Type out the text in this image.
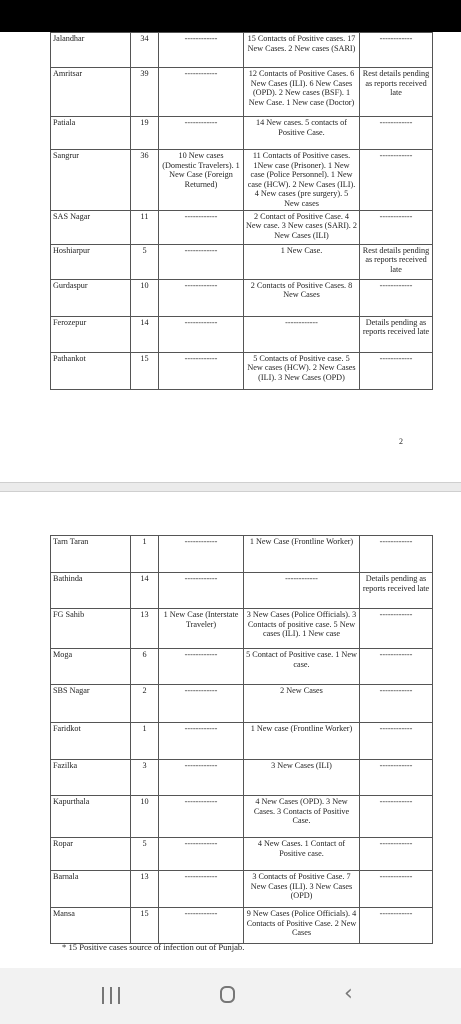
Jalandhar	34	------------	15 Contacts of Positive cases. 17 New Cases. 2 New cases (SARI)	------------
Amritsar	39	------------	12 Contacts of Positive Cases. 6 New Cases (ILI). 6 New Cases (OPD). 2 New cases (BSF). 1 New Case. 1 New case (Doctor)	Rest details pending as reports received late
Patiala	19	------------	14 New cases. 5 contacts of Positive Case.	------------
Sangrur	36	10 New cases (Domestic Travelers). 1 New Case (Foreign Returned)	11 Contacts of Positive cases. 1New case (Prisoner). 1 New case (Police Personnel). 1 New case (HCW). 2 New Cases (ILI). 4 New cases (pre surgery). 5 New cases	------------
SAS Nagar	11	------------	2 Contact of Positive Case. 4 New case. 3 New cases (SARI). 2 New Cases (ILI)	------------
Hoshiarpur	5	------------	1 New Case.	Rest details pending as reports received late
Gurdaspur	10	------------	2 Contacts of Positive Cases. 8 New Cases	------------
Ferozepur	14	------------	------------	Details pending as reports received late
Pathankot	15	------------	5 Contacts of Positive case. 5 New cases (HCW). 2 New Cases (ILI). 3 New Cases (OPD)	------------
2
Tarn Taran	1	------------	1 New Case (Frontline Worker)	------------
Bathinda	14	------------	------------	Details pending as reports received late
FG Sahib	13	1 New Case (Interstate Traveler)	3 New Cases (Police Officials). 3 Contacts of positive case. 5 New cases (ILI). 1 New case	------------
Moga	6	------------	5 Contact of Positive case. 1 New case.	------------
SBS Nagar	2	------------	2 New Cases	------------
Faridkot	1	------------	1 New case (Frontline Worker)	------------
Fazilka	3	------------	3 New Cases (ILI)	------------
Kapurthala	10	------------	4 New Cases (OPD). 3 New Cases. 3 Contacts of Positive Case.	------------
Ropar	5	------------	4 New Cases. 1 Contact of Positive case.	------------
Barnala	13	------------	3 Contacts of Positive Case. 7 New Cases (ILI). 3 New Cases (OPD)	------------
Mansa	15	------------	9 New Cases (Police Officials). 4 Contacts of Positive Case. 2 New Cases	------------
* 15 Positive cases source of infection out of Punjab.
‹
